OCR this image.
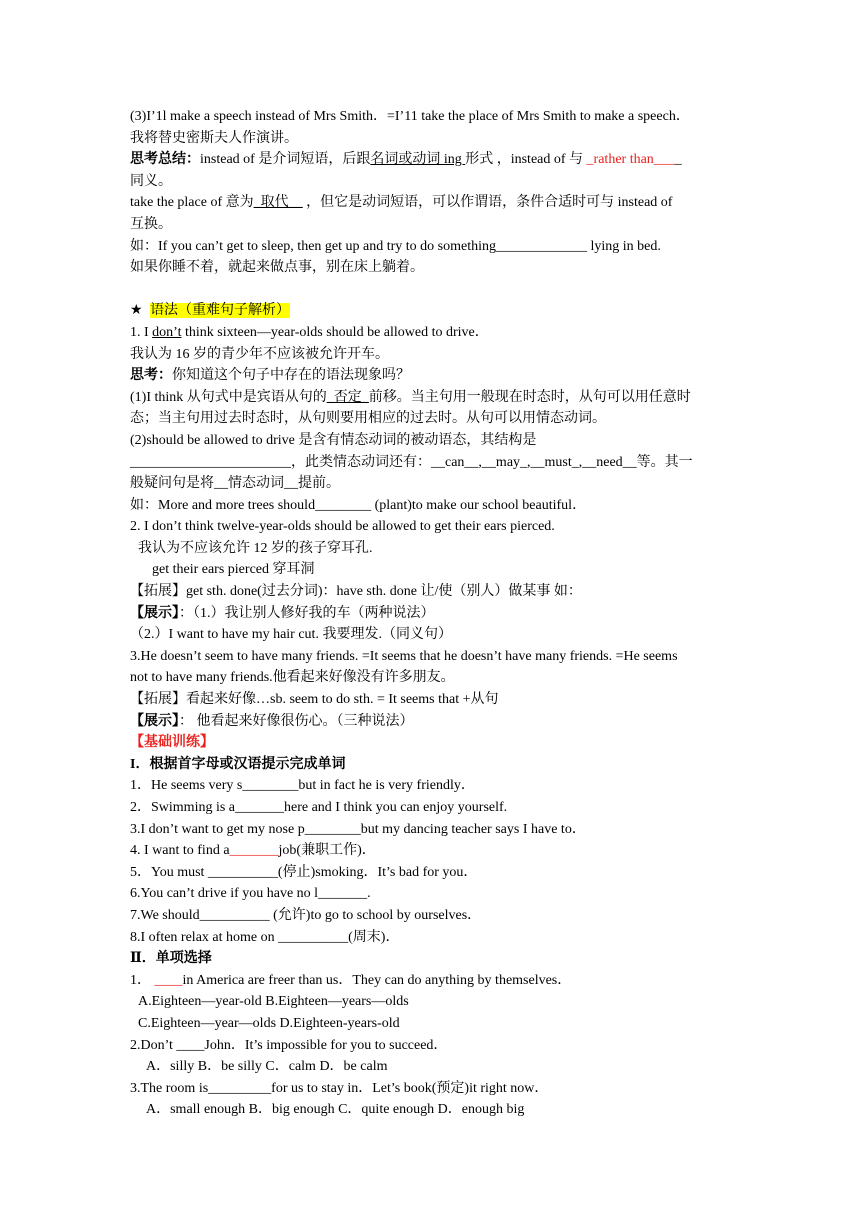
(3)I’1l make a speech instead of Mrs Smith．=I’11 take the place of Mrs Smith to make a speech．
我将替史密斯夫人作演讲。
思考总结：instead of 是介词短语，后跟名词或动词 ing 形式 ，instead of 与 _rather than____
同义。
take the place of 意为_取代__ ，但它是动词短语，可以作谓语，条件合适时可与 instead of
互换。
如：If you can’t get to sleep, then get up and try to do something_____________ lying in bed.
如果你睡不着，就起来做点事，别在床上躺着。
★ 语法（重难句子解析）
1. I don’t think sixteen—year-olds should be allowed to drive．
我认为 16 岁的青少年不应该被允许开车。
思考：你知道这个句子中存在的语法现象吗？
(1)I think 从句式中是宾语从句的_否定_前移。当主句用一般现在时态时，从句可以用任意时
态；当主句用过去时态时，从句则要用相应的过去时。从句可以用情态动词。
(2)should be allowed to drive 是含有情态动词的被动语态，其结构是
_______________________，此类情态动词还有：__can__,__may_,__must_,__need__等。其一
般疑问句是将__情态动词__提前。
如：More and more trees should________ (plant)to make our school beautiful．
2. I don’t think twelve-year-olds should be allowed to get their ears pierced.
我认为不应该允许 12 岁的孩子穿耳孔.
get their ears pierced 穿耳洞
【拓展】get sth. done(过去分词)：have sth. done 让/使（别人）做某事 如：
【展示】：（1.）我让别人修好我的车（两种说法）
（2.）I want to have my hair cut. 我要理发.（同义句）
3.He doesn’t seem to have many friends. =It seems that he doesn’t have many friends. =He seems
not to have many friends.他看起来好像没有许多朋友。
【拓展】看起来好像…sb. seem to do sth. = It seems that +从句
【展示】： 他看起来好像很伤心。（三种说法）
【基础训练】
I．根据首字母或汉语提示完成单词
1．He seems very s________but in fact he is very friendly．
2．Swimming is a_______here and I think you can enjoy yourself.
3.I don’t want to get my nose p________but my dancing teacher says I have to．
4. I want to find a_______job(兼职工作)．
5．You must __________(停止)smoking．It’s bad for you．
6.You can’t drive if you have no l_______.
7.We should__________ (允许)to go to school by ourselves．
8.I often relax at home on __________(周末)．
Ⅱ．单项选择
1． ____in America are freer than us．They can do anything by themselves．
A.Eighteen—year-old B.Eighteen—years—olds
C.Eighteen—year—olds D.Eighteen-years-old
2.Don’t ____John．It’s impossible for you to succeed．
A．silly B．be silly C．calm D．be calm
3.The room is_________for us to stay in．Let’s book(预定)it right now．
A．small enough B．big enough C．quite enough D．enough big
